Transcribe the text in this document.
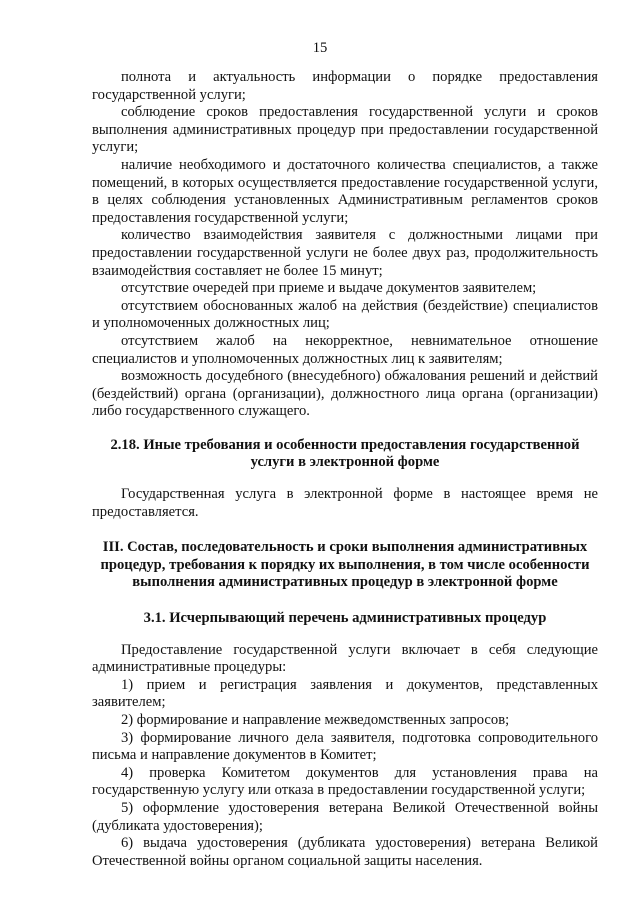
15

полнота и актуальность информации о порядке предоставления государственной услуги;

соблюдение сроков предоставления государственной услуги и сроков выполнения административных процедур при предоставлении государственной услуги;

наличие необходимого и достаточного количества специалистов, а также помещений, в которых осуществляется предоставление государственной услуги, в целях соблюдения установленных Административным регламентов сроков предоставления государственной услуги;

количество взаимодействия заявителя с должностными лицами при предоставлении государственной услуги не более двух раз, продолжительность взаимодействия составляет не более 15 минут;

отсутствие очередей при приеме и выдаче документов заявителем;

отсутствием обоснованных жалоб на действия (бездействие) специалистов и уполномоченных должностных лиц;

отсутствием жалоб на некорректное, невнимательное отношение специалистов и уполномоченных должностных лиц к заявителям;

возможность досудебного (внесудебного) обжалования решений и действий (бездействий) органа (организации), должностного лица органа (организации) либо государственного служащего.

2.18. Иные требования и особенности предоставления государственной услуги в электронной форме

Государственная услуга в электронной форме в настоящее время не предоставляется.

III. Состав, последовательность и сроки выполнения административных процедур, требования к порядку их выполнения, в том числе особенности выполнения административных процедур в электронной форме

3.1. Исчерпывающий перечень административных процедур

Предоставление государственной услуги включает в себя следующие административные процедуры:

1) прием и регистрация заявления и документов, представленных заявителем;

2) формирование и направление межведомственных запросов;

3) формирование личного дела заявителя, подготовка сопроводительного письма и направление документов в Комитет;

4) проверка Комитетом документов для установления права на государственную услугу или отказа в предоставлении государственной услуги;

5) оформление удостоверения ветерана Великой Отечественной войны (дубликата удостоверения);

6) выдача удостоверения (дубликата удостоверения) ветерана Великой Отечественной войны органом социальной защиты населения.
